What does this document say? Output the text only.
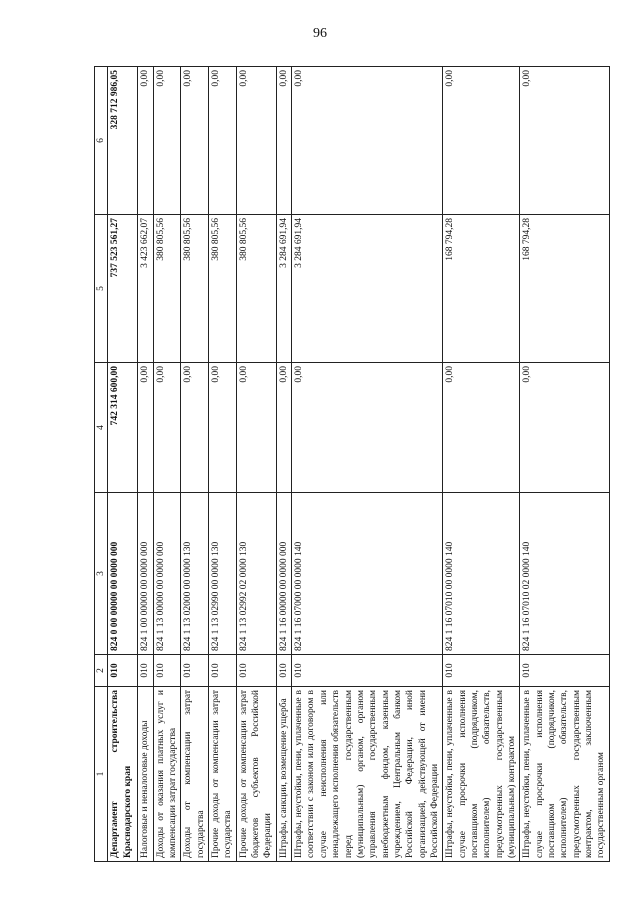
96
1	2	3	4	5	6
Департамент строительства Краснодарского края	010	824 0 00 00000 00 0000 000	742 314 600,00	737 523 561,27	328 712 986,05
Налоговые и неналоговые доходы	010	824 1 00 00000 00 0000 000	0,00	3 423 662,07	0,00
Доходы от оказания платных услуг и компенсации затрат государства	010	824 1 13 00000 00 0000 000	0,00	380 805,56	0,00
Доходы от компенсации затрат государства	010	824 1 13 02000 00 0000 130	0,00	380 805,56	0,00
Прочие доходы от компенсации затрат государства	010	824 1 13 02990 00 0000 130	0,00	380 805,56	0,00
Прочие доходы от компенсации затрат бюджетов субъектов Российской Федерации	010	824 1 13 02992 02 0000 130	0,00	380 805,56	0,00
Штрафы, санкции, возмещение ущерба	010	824 1 16 00000 00 0000 000	0,00	3 284 691,94	0,00
Штрафы, неустойки, пени, уплаченные в соответствии с законом или договором в случае неисполнения или ненадлежащего исполнения обязательств перед государственным (муниципальным) органом, органом управления государственным внебюджетным фондом, казенным учреждением, Центральным банком Российской Федерации, иной организацией, действующей от имени Российской Федерации	010	824 1 16 07000 00 0000 140	0,00	3 284 691,94	0,00
Штрафы, неустойки, пени, уплаченные в случае просрочки исполнения поставщиком (подрядчиком, исполнителем) обязательств, предусмотренных государственным (муниципальным) контрактом	010	824 1 16 07010 00 0000 140	0,00	168 794,28	0,00
Штрафы, неустойки, пени, уплаченные в случае просрочки исполнения поставщиком (подрядчиком, исполнителем) обязательств, предусмотренных государственным контрактом, заключенным государственным органом	010	824 1 16 07010 02 0000 140	0,00	168 794,28	0,00
